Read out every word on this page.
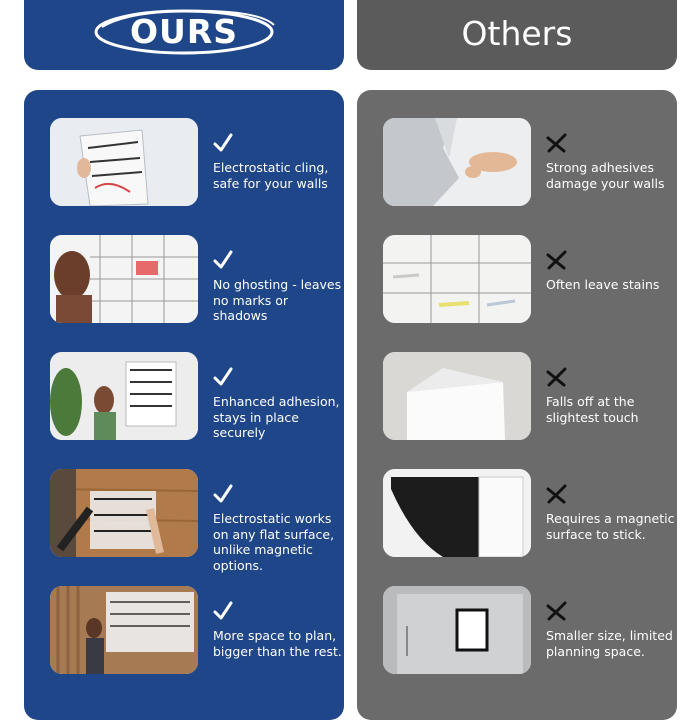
OURS	Others
Electrostatic cling, safe for your walls
No ghosting - leaves no marks or shadows
Enhanced adhesion, stays in place securely
Electrostatic works on any flat surface, unlike magnetic options.
More space to plan, bigger than the rest.
Strong adhesives damage your walls
Often leave stains
Falls off at the slightest touch
Requires a magnetic surface to stick.
Smaller size, limited planning space.
